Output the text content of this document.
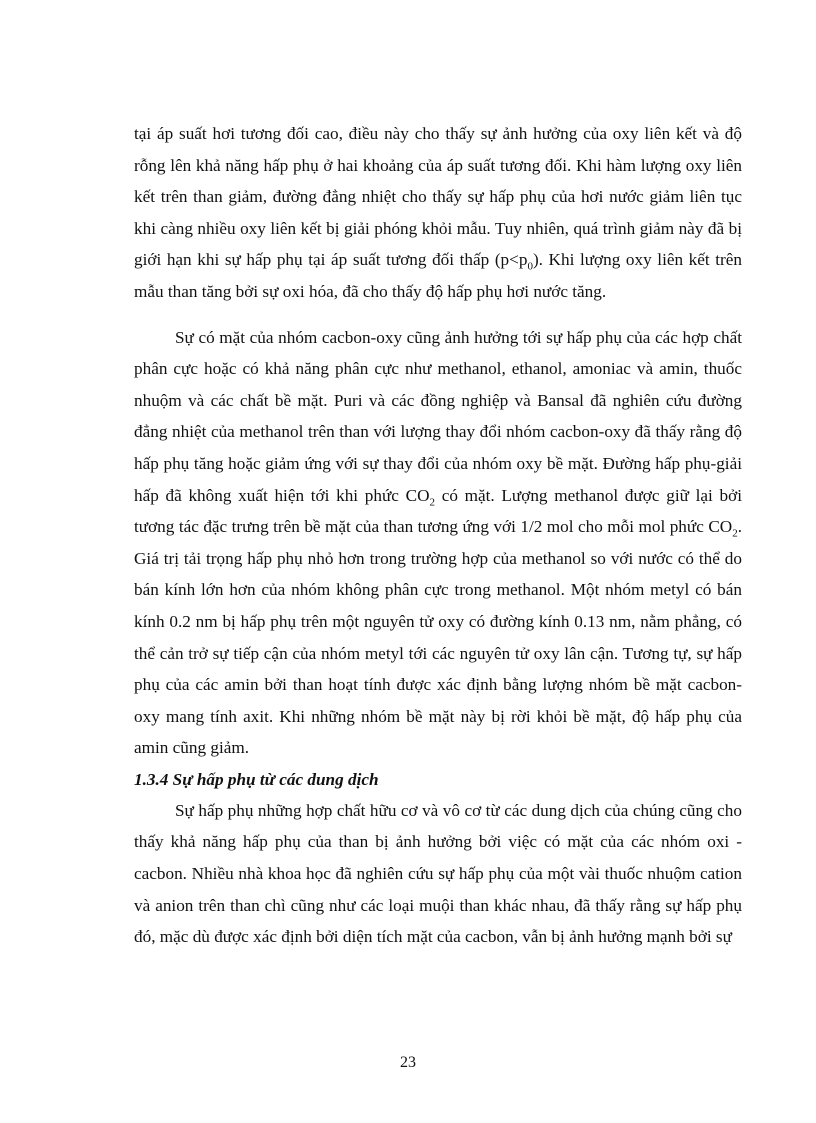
tại áp suất hơi tương đối cao, điều này cho thấy sự ảnh hưởng của oxy liên kết và độ rỗng lên khả năng hấp phụ ở hai khoảng của áp suất tương đối. Khi hàm lượng oxy liên kết trên than giảm, đường đẳng nhiệt cho thấy sự hấp phụ của hơi nước giảm liên tục khi càng nhiều oxy liên kết bị giải phóng khỏi mẫu. Tuy nhiên, quá trình giảm này đã bị giới hạn khi sự hấp phụ tại áp suất tương đối thấp $(p<p_0)$. Khi lượng oxy liên kết trên mẫu than tăng bởi sự oxi hóa, đã cho thấy độ hấp phụ hơi nước tăng.

Sự có mặt của nhóm cacbon-oxy cũng ảnh hưởng tới sự hấp phụ của các hợp chất phân cực hoặc có khả năng phân cực như methanol, ethanol, amoniac và amin, thuốc nhuộm và các chất bề mặt. Puri và các đồng nghiệp và Bansal đã nghiên cứu đường đẳng nhiệt của methanol trên than với lượng thay đổi nhóm cacbon-oxy đã thấy rằng độ hấp phụ tăng hoặc giảm ứng với sự thay đổi của nhóm oxy bề mặt. Đường hấp phụ-giải hấp đã không xuất hiện tới khi phức $CO_2$ có mặt. Lượng methanol được giữ lại bởi tương tác đặc trưng trên bề mặt của than tương ứng với 1/2 mol cho mỗi mol phức $CO_2$. Giá trị tải trọng hấp phụ nhỏ hơn trong trường hợp của methanol so với nước có thể do bán kính lớn hơn của nhóm không phân cực trong methanol. Một nhóm metyl có bán kính 0.2 nm bị hấp phụ trên một nguyên tử oxy có đường kính 0.13 nm, nằm phẳng, có thể cản trở sự tiếp cận của nhóm metyl tới các nguyên tử oxy lân cận. Tương tự, sự hấp phụ của các amin bởi than hoạt tính được xác định bằng lượng nhóm bề mặt cacbon-oxy mang tính axit. Khi những nhóm bề mặt này bị rời khỏi bề mặt, độ hấp phụ của amin cũng giảm.

1.3.4 Sự hấp phụ từ các dung dịch

Sự hấp phụ những hợp chất hữu cơ và vô cơ từ các dung dịch của chúng cũng cho thấy khả năng hấp phụ của than bị ảnh hưởng bởi việc có mặt của các nhóm oxi - cacbon. Nhiều nhà khoa học đã nghiên cứu sự hấp phụ của một vài thuốc nhuộm cation và anion trên than chì cũng như các loại muội than khác nhau, đã thấy rằng sự hấp phụ đó, mặc dù được xác định bởi diện tích mặt của cacbon, vẫn bị ảnh hưởng mạnh bởi sự

23
